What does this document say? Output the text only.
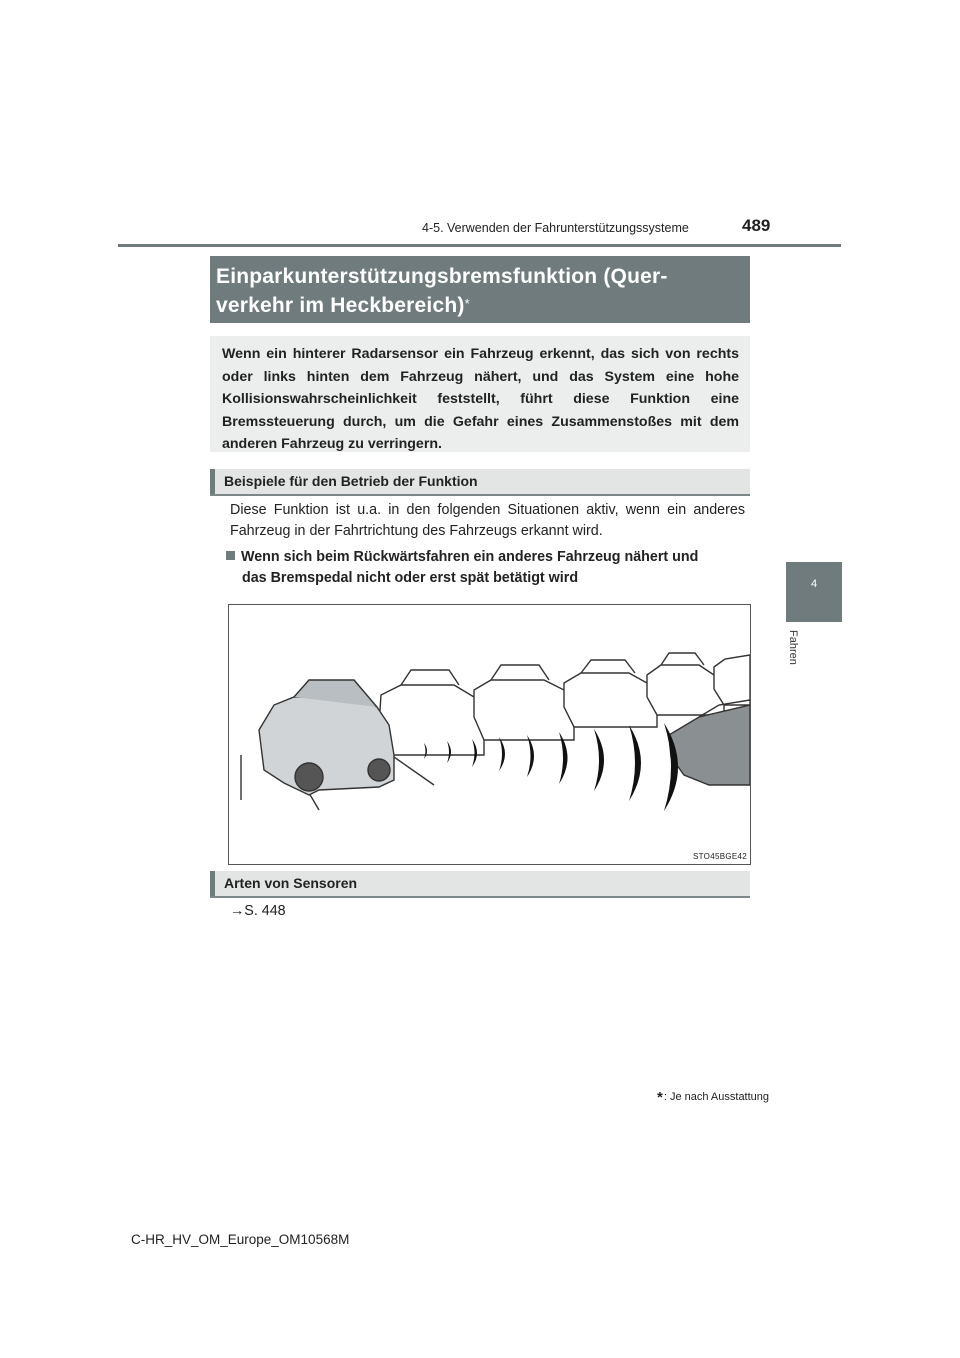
4-5. Verwenden der Fahrunterstützungssysteme	489
4
Fahren
Einparkunterstützungsbremsfunktion (Quer-
verkehr im Heckbereich)*
Wenn ein hinterer Radarsensor ein Fahrzeug erkennt, das sich von rechts oder links hinten dem Fahrzeug nähert, und das System eine hohe Kollisionswahrscheinlichkeit feststellt, führt diese Funktion eine Bremssteuerung durch, um die Gefahr eines Zusammenstoßes mit dem anderen Fahrzeug zu verringern.
Beispiele für den Betrieb der Funktion
Diese Funktion ist u.a. in den folgenden Situationen aktiv, wenn ein anderes Fahrzeug in der Fahrtrichtung des Fahrzeugs erkannt wird.
Wenn sich beim Rückwärtsfahren ein anderes Fahrzeug nähert und
das Bremspedal nicht oder erst spät betätigt wird
STO45BGE42
Arten von Sensoren
→S. 448
*: Je nach Ausstattung
C-HR_HV_OM_Europe_OM10568M
